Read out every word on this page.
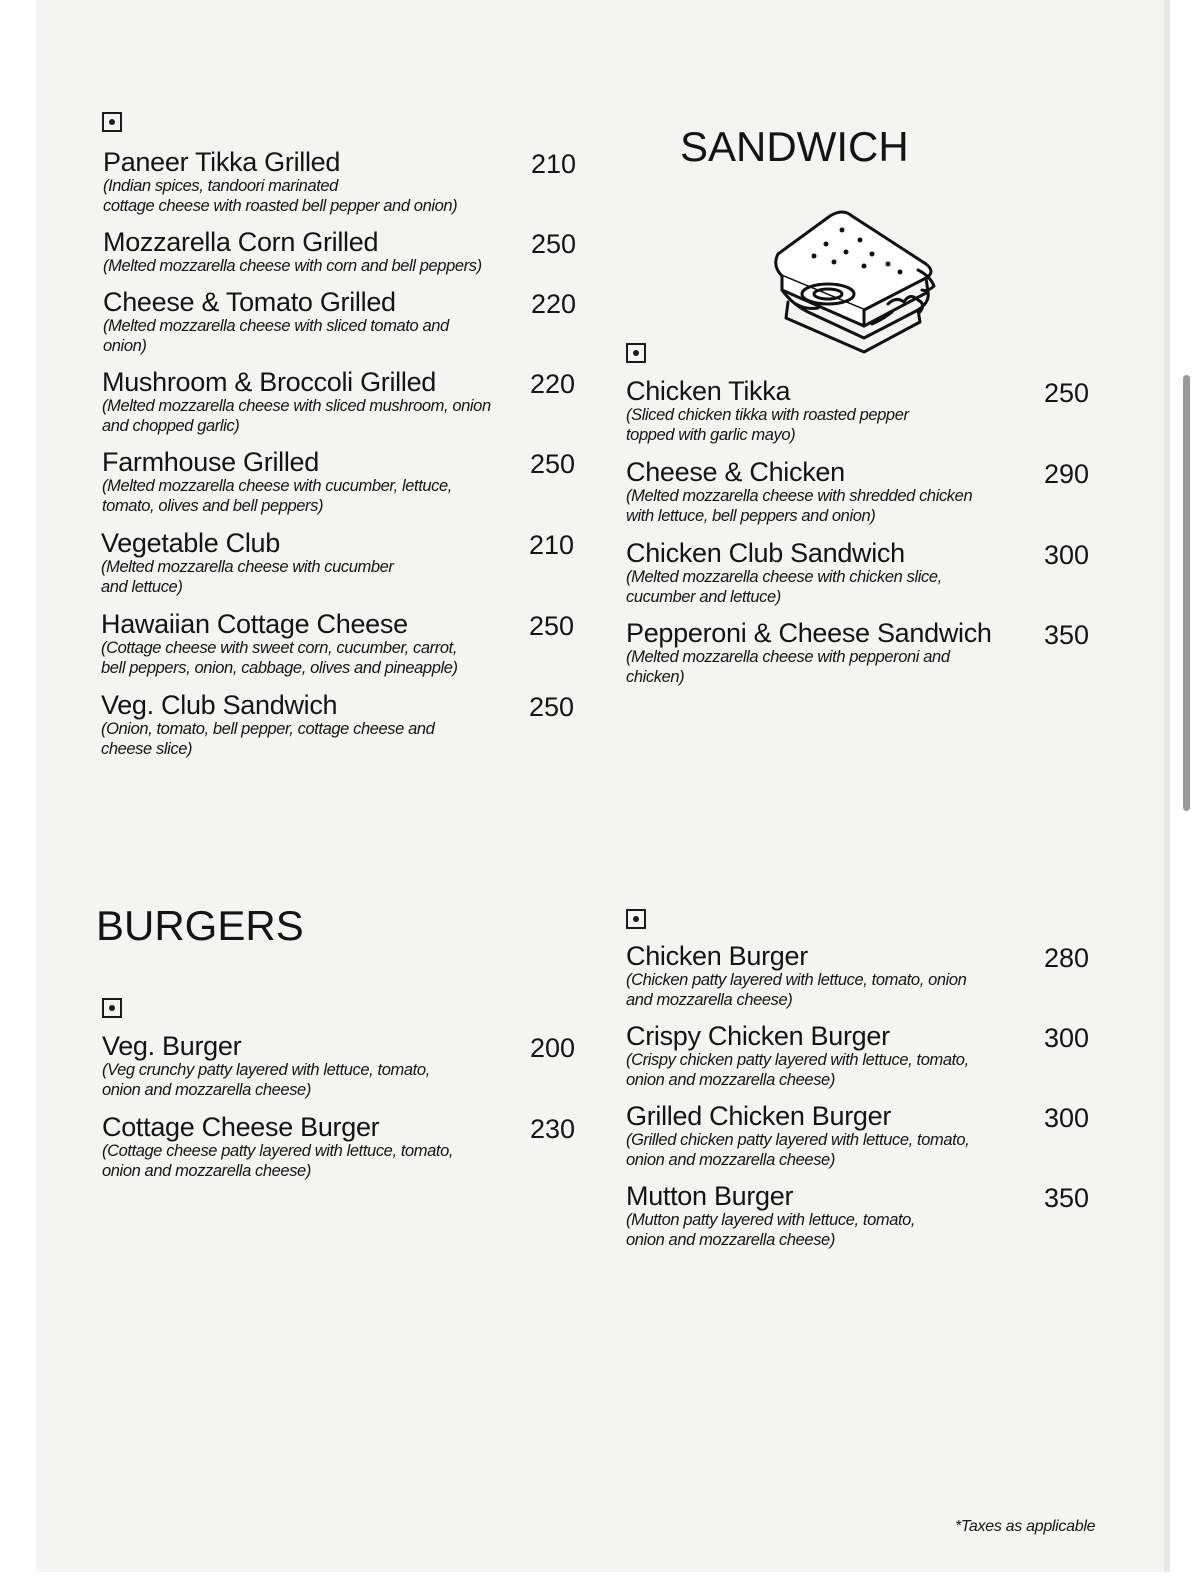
SANDWICH
BURGERS
Paneer Tikka Grilled	210
(Indian spices, tandoori marinated
cottage cheese with roasted bell pepper and onion)
Mozzarella Corn Grilled	250
(Melted mozzarella cheese with corn and bell peppers)
Cheese & Tomato Grilled	220
(Melted mozzarella cheese with sliced tomato and
onion)
Mushroom & Broccoli Grilled	220
(Melted mozzarella cheese with sliced mushroom, onion
and chopped garlic)
Farmhouse Grilled	250
(Melted mozzarella cheese with cucumber, lettuce,
tomato, olives and bell peppers)
Vegetable Club	210
(Melted mozzarella cheese with cucumber
and lettuce)
Hawaiian Cottage Cheese	250
(Cottage cheese with sweet corn, cucumber, carrot,
bell peppers, onion, cabbage, olives and pineapple)
Veg. Club Sandwich	250
(Onion, tomato, bell pepper, cottage cheese and
cheese slice)
Chicken Tikka	250
(Sliced chicken tikka with roasted pepper
topped with garlic mayo)
Cheese & Chicken	290
(Melted mozzarella cheese with shredded chicken
with lettuce, bell peppers and onion)
Chicken Club Sandwich	300
(Melted mozzarella cheese with chicken slice,
cucumber and lettuce)
Pepperoni & Cheese Sandwich 350
(Melted mozzarella cheese with pepperoni and
chicken)
Veg. Burger	200
(Veg crunchy patty layered with lettuce, tomato,
onion and mozzarella cheese)
Cottage Cheese Burger	230
(Cottage cheese patty layered with lettuce, tomato,
onion and mozzarella cheese)
Chicken Burger	280
(Chicken patty layered with lettuce, tomato, onion
and mozzarella cheese)
Crispy Chicken Burger	300
(Crispy chicken patty layered with lettuce, tomato,
onion and mozzarella cheese)
Grilled Chicken Burger	300
(Grilled chicken patty layered with lettuce, tomato,
onion and mozzarella cheese)
Mutton Burger	350
(Mutton patty layered with lettuce, tomato,
onion and mozzarella cheese)
*Taxes as applicable
